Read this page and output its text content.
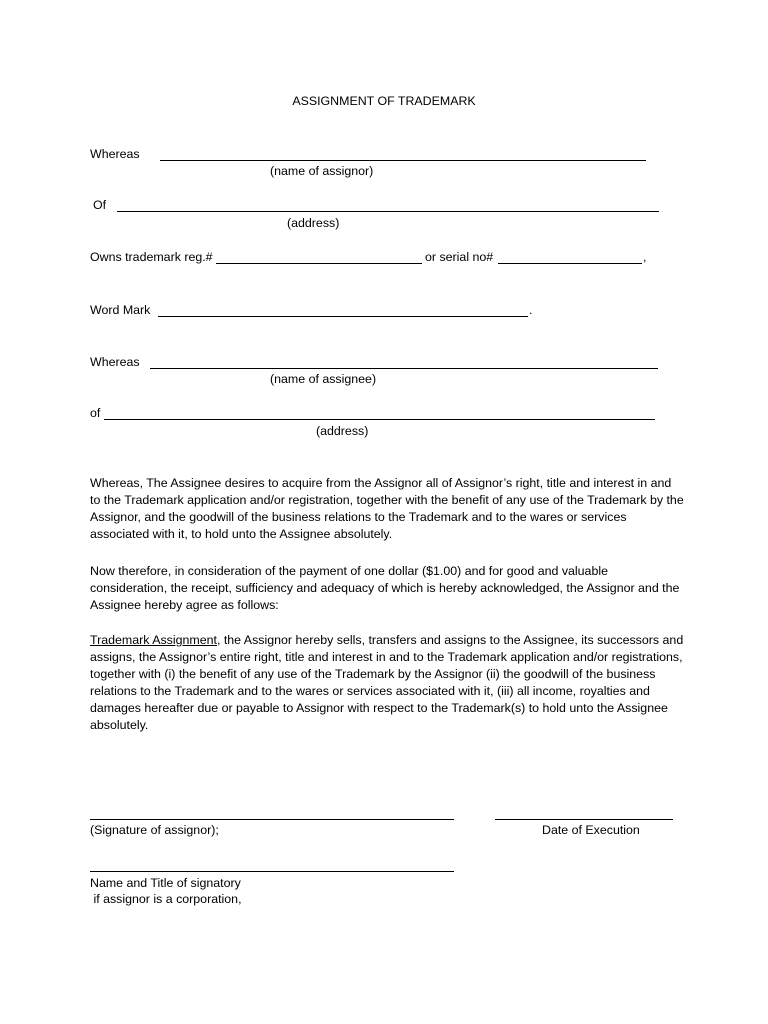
ASSIGNMENT OF TRADEMARK
Whereas
(name of assignor)
Of
(address)
Owns trademark reg.#	or serial no#	,
Word Mark	.
Whereas
(name of assignee)
of
(address)
Whereas, The Assignee desires to acquire from the Assignor all of Assignor’s right, title and interest in and to the Trademark application and/or registration, together with the benefit of any use of the Trademark by the Assignor, and the goodwill of the business relations to the Trademark and to the wares or services associated with it, to hold unto the Assignee absolutely.
Now therefore, in consideration of the payment of one dollar ($1.00) and for good and valuable consideration, the receipt, sufficiency and adequacy of which is hereby acknowledged, the Assignor and the Assignee hereby agree as follows:
Trademark Assignment, the Assignor hereby sells, transfers and assigns to the Assignee, its successors and assigns, the Assignor’s entire right, title and interest in and to the Trademark application and/or registrations, together with (i) the benefit of any use of the Trademark by the Assignor (ii) the goodwill of the business relations to the Trademark and to the wares or services associated with it, (iii) all income, royalties and damages hereafter due or payable to Assignor with respect to the Trademark(s) to hold unto the Assignee absolutely.
(Signature of assignor);	Date of Execution
Name and Title of signatory
if assignor is a corporation,
